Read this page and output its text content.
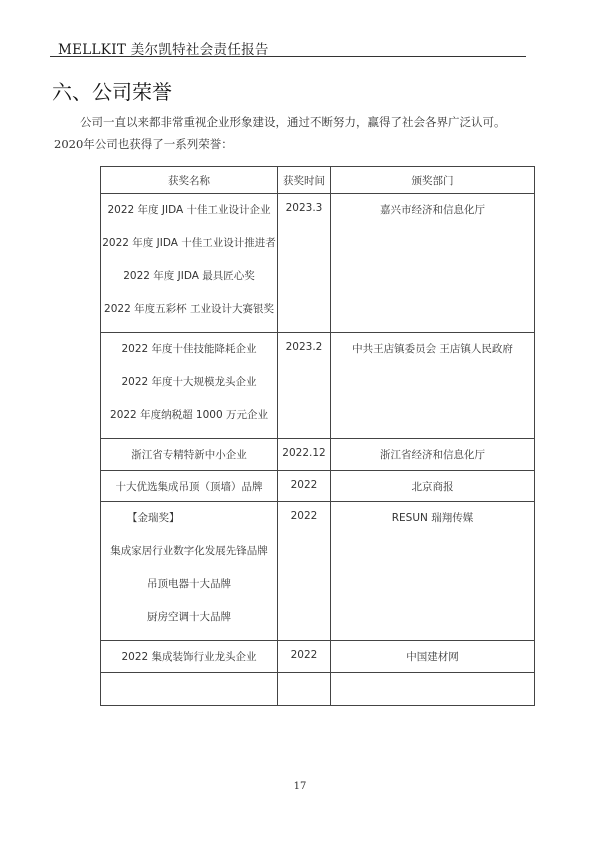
MELLKIT 美尔凯特社会责任报告
六、公司荣誉
公司一直以来都非常重视企业形象建设，通过不断努力，赢得了社会各界广泛认可。2020年公司也获得了一系列荣誉：
获奖名称	获奖时间	颁奖部门

2022 年度 JIDA 十佳工业设计企业
2022 年度 JIDA 十佳工业设计推进者
2022 年度 JIDA 最具匠心奖
2022 年度五彩杯 工业设计大赛银奖	2023.3	嘉兴市经济和信息化厅

2022 年度十佳技能降耗企业
2022 年度十大规模龙头企业
2022 年度纳税超 1000 万元企业	2023.2	中共王店镇委员会 王店镇人民政府

浙江省专精特新中小企业	2022.12	浙江省经济和信息化厅

十大优选集成吊顶（顶墙）品牌	2022	北京商报

【金瑞奖】
集成家居行业数字化发展先锋品牌
吊顶电器十大品牌
厨房空调十大品牌	2022	RESUN 瑞翔传媒

2022 集成装饰行业龙头企业	2022	中国建材网

17
